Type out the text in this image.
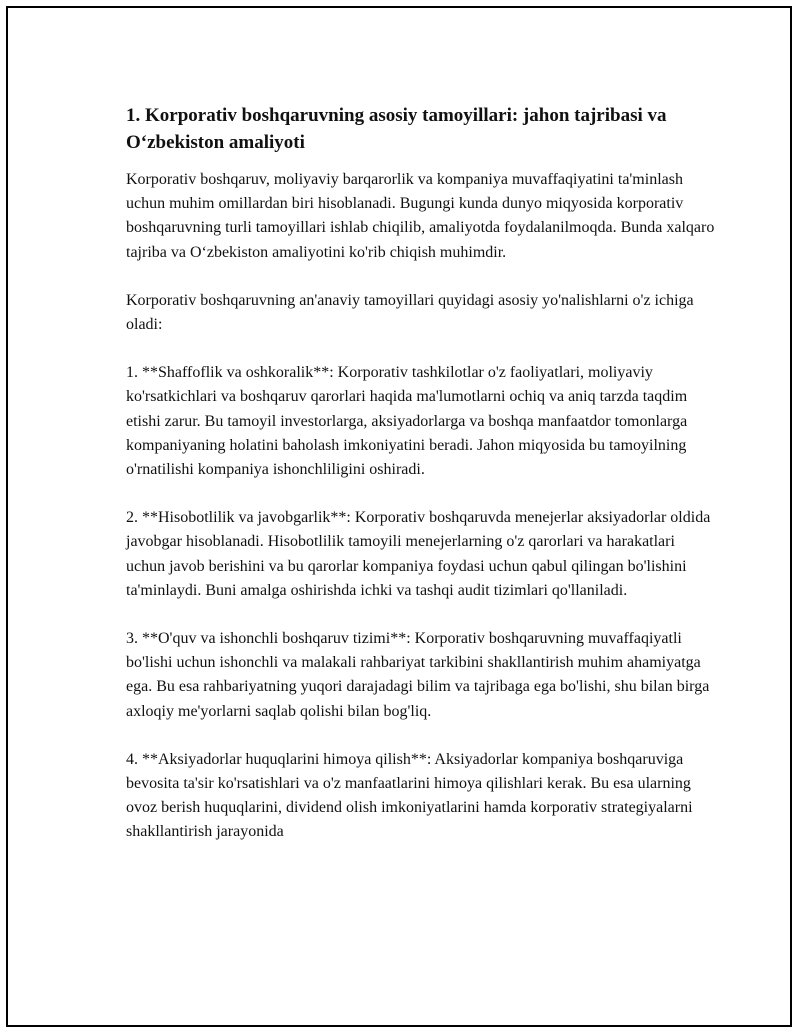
1. Korporativ boshqaruvning asosiy tamoyillari: jahon tajribasi va O‘zbekiston amaliyoti

Korporativ boshqaruv, moliyaviy barqarorlik va kompaniya muvaffaqiyatini ta'minlash uchun muhim omillardan biri hisoblanadi. Bugungi kunda dunyo miqyosida korporativ boshqaruvning turli tamoyillari ishlab chiqilib, amaliyotda foydalanilmoqda. Bunda xalqaro tajriba va O‘zbekiston amaliyotini ko'rib chiqish muhimdir.

Korporativ boshqaruvning an'anaviy tamoyillari quyidagi asosiy yo'nalishlarni o'z ichiga oladi:

1. **Shaffoflik va oshkoralik**: Korporativ tashkilotlar o'z faoliyatlari, moliyaviy ko'rsatkichlari va boshqaruv qarorlari haqida ma'lumotlarni ochiq va aniq tarzda taqdim etishi zarur. Bu tamoyil investorlarga, aksiyadorlarga va boshqa manfaatdor tomonlarga kompaniyaning holatini baholash imkoniyatini beradi. Jahon miqyosida bu tamoyilning o'rnatilishi kompaniya ishonchliligini oshiradi.

2. **Hisobotlilik va javobgarlik**: Korporativ boshqaruvda menejerlar aksiyadorlar oldida javobgar hisoblanadi. Hisobotlilik tamoyili menejerlarning o'z qarorlari va harakatlari uchun javob berishini va bu qarorlar kompaniya foydasi uchun qabul qilingan bo'lishini ta'minlaydi. Buni amalga oshirishda ichki va tashqi audit tizimlari qo'llaniladi.

3. **O'quv va ishonchli boshqaruv tizimi**: Korporativ boshqaruvning muvaffaqiyatli bo'lishi uchun ishonchli va malakali rahbariyat tarkibini shakllantirish muhim ahamiyatga ega. Bu esa rahbariyatning yuqori darajadagi bilim va tajribaga ega bo'lishi, shu bilan birga axloqiy me'yorlarni saqlab qolishi bilan bog'liq.

4. **Aksiyadorlar huquqlarini himoya qilish**: Aksiyadorlar kompaniya boshqaruviga bevosita ta'sir ko'rsatishlari va o'z manfaatlarini himoya qilishlari kerak. Bu esa ularning ovoz berish huquqlarini, dividend olish imkoniyatlarini hamda korporativ strategiyalarni shakllantirish jarayonida
